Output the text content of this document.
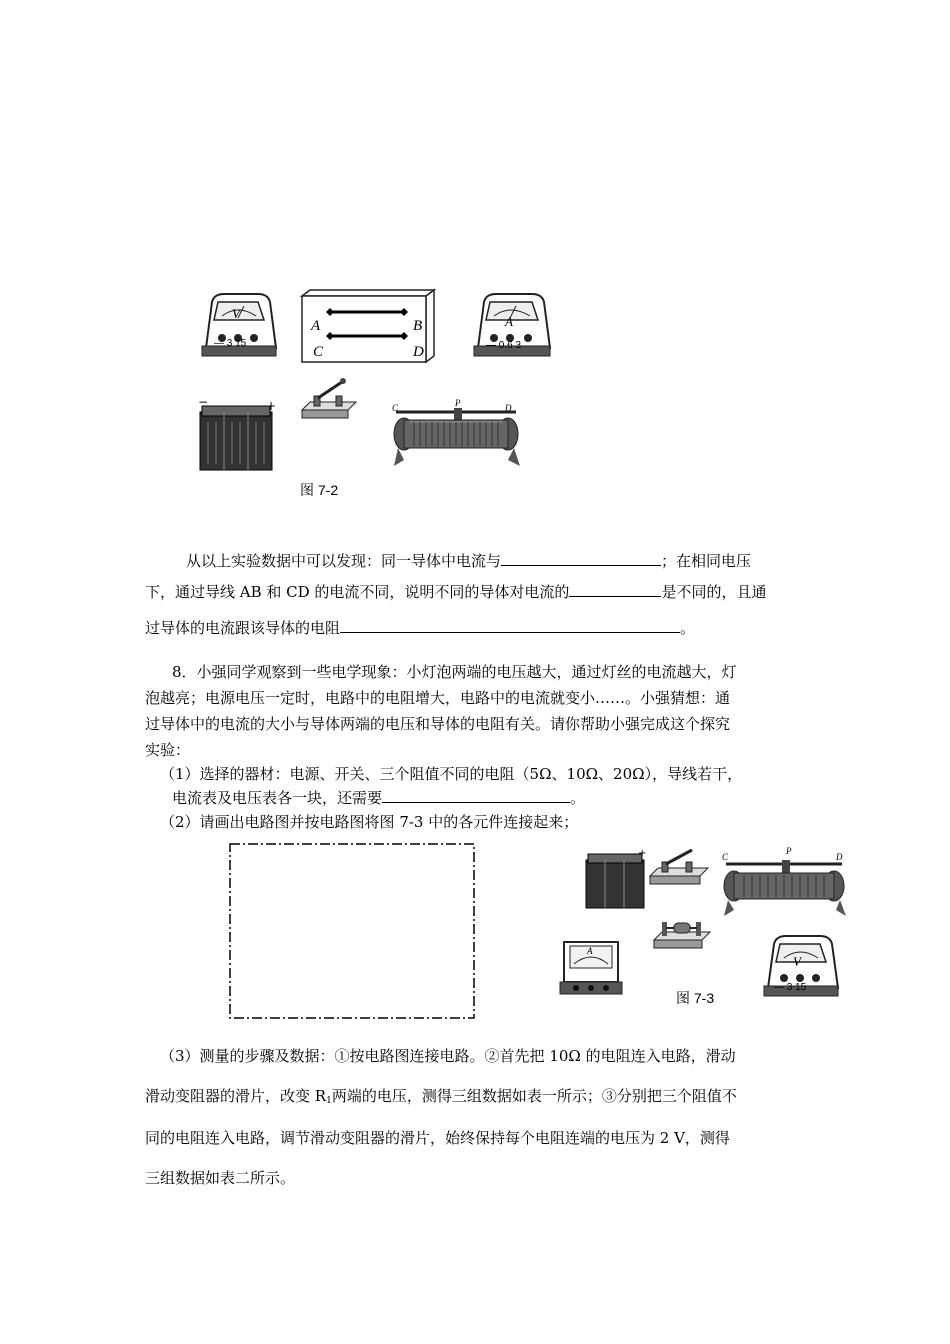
V
— 3 15
A	B
C	D
A
— 0.6 3
−	+	C	P	D
图 7-2
从以上实验数据中可以发现：同一导体中电流与	；在相同电压
下，通过导线 AB 和 CD 的电流不同，说明不同的导体对电流的	是不同的，且通
过导体的电流跟该导体的电阻	。
8．小强同学观察到一些电学现象：小灯泡两端的电压越大，通过灯丝的电流越大，灯
泡越亮；电源电压一定时，电路中的电阻增大，电路中的电流就变小……。小强猜想：通
过导体中的电流的大小与导体两端的电压和导体的电阻有关。请你帮助小强完成这个探究
实验：
（1）选择的器材：电源、开关、三个阻值不同的电阻（5Ω、10Ω、20Ω），导线若干，
电流表及电压表各一块，还需要	。
（2）请画出电路图并按电路图将图 7-3 中的各元件连接起来；
+	C
P
D
A
V
— 3 15
图 7-3
（3）测量的步骤及数据：①按电路图连接电路。②首先把 10Ω 的电阻连入电路，滑动
滑动变阻器的滑片，改变 $R_1$两端的电压，测得三组数据如表一所示；③分别把三个阻值不
同的电阻连入电路，调节滑动变阻器的滑片，始终保持每个电阻连端的电压为 2 V，测得
三组数据如表二所示。
